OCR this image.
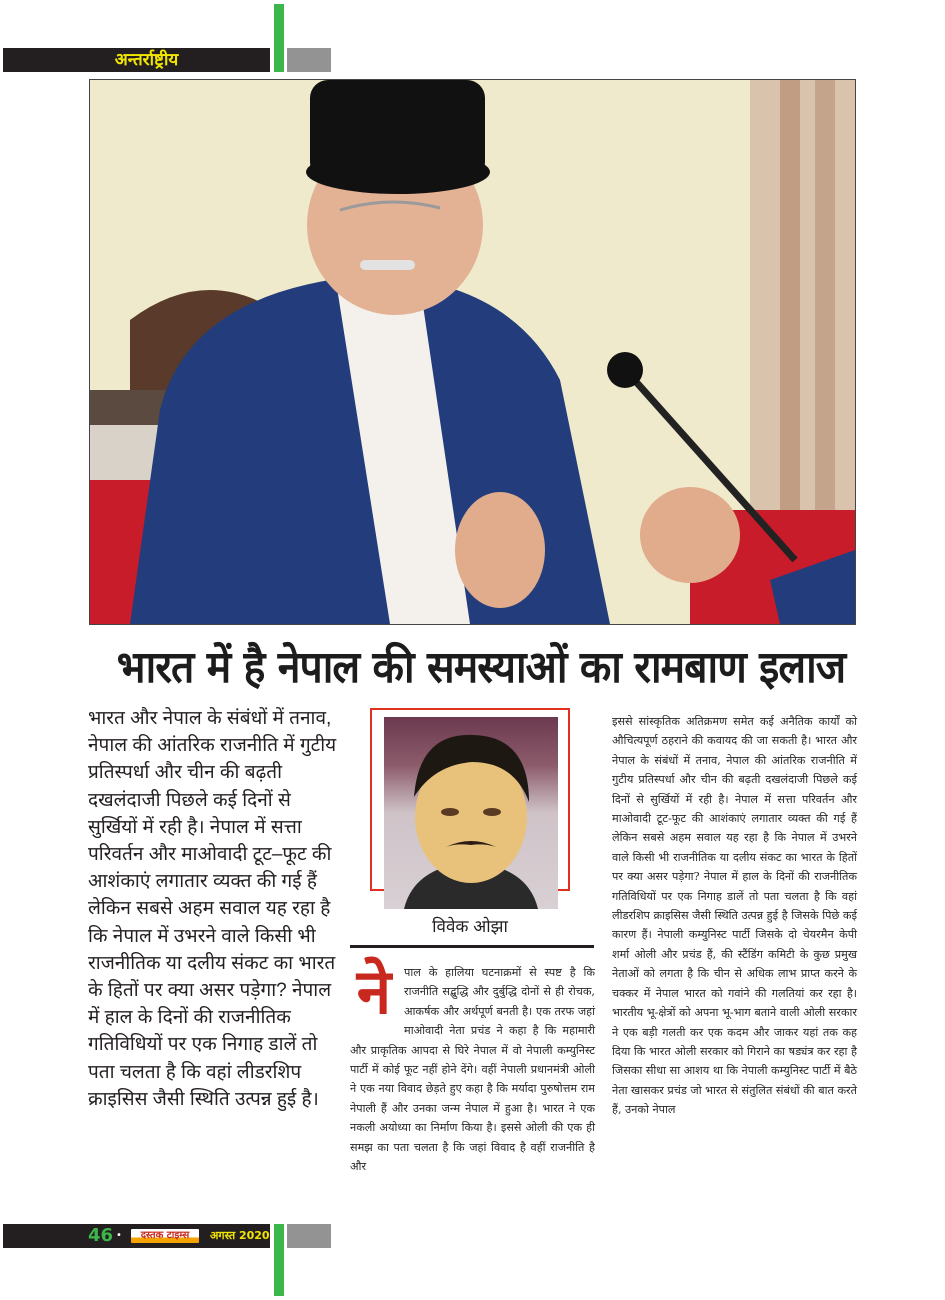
अन्तर्राष्ट्रीय
भारत में है नेपाल की समस्याओं का रामबाण इलाज
भारत और नेपाल के संबंधों में तनाव, नेपाल की आंतरिक राजनीति में गुटीय प्रतिस्पर्धा और चीन की बढ़ती दखलंदाजी पिछले कई दिनों से सुर्खियों में रही है। नेपाल में सत्ता परिवर्तन और माओवादी टूट–फूट की आशंकाएं लगातार व्यक्त की गई हैं लेकिन सबसे अहम सवाल यह रहा है कि नेपाल में उभरने वाले किसी भी राजनीतिक या दलीय संकट का भारत के हितों पर क्या असर पड़ेगा? नेपाल में हाल के दिनों की राजनीतिक गतिविधियों पर एक निगाह डालें तो पता चलता है कि वहां लीडरशिप क्राइसिस जैसी स्थिति उत्पन्न हुई है।
विवेक ओझा
ने	पाल के हालिया घटनाक्रमों से स्पष्ट है कि राजनीति सद्बुद्धि और दुर्बुद्धि दोनों से ही रोचक, आकर्षक और अर्थपूर्ण बनती है। एक तरफ जहां माओवादी नेता प्रचंड ने कहा है कि महामारी और प्राकृतिक आपदा से घिरे नेपाल में वो नेपाली कम्युनिस्ट पार्टी में कोई फूट नहीं होने देंगे। वहीं नेपाली प्रधानमंत्री ओली ने एक नया विवाद छेड़ते हुए कहा है कि मर्यादा पुरुषोत्तम राम नेपाली हैं और उनका जन्म नेपाल में हुआ है। भारत ने एक नकली अयोध्या का निर्माण किया है। इससे ओली की एक ही समझ का पता चलता है कि जहां विवाद है वहीं राजनीति है और
इससे सांस्कृतिक अतिक्रमण समेत कई अनैतिक कार्यों को औचित्यपूर्ण ठहराने की कवायद की जा सकती है। भारत और नेपाल के संबंधों में तनाव, नेपाल की आंतरिक राजनीति में गुटीय प्रतिस्पर्धा और चीन की बढ़ती दखलंदाजी पिछले कई दिनों से सुर्खियों में रही है। नेपाल में सत्ता परिवर्तन और माओवादी टूट-फूट की आशंकाएं लगातार व्यक्त की गई हैं लेकिन सबसे अहम सवाल यह रहा है कि नेपाल में उभरने वाले किसी भी राजनीतिक या दलीय संकट का भारत के हितों पर क्या असर पड़ेगा? नेपाल में हाल के दिनों की राजनीतिक गतिविधियों पर एक निगाह डालें तो पता चलता है कि वहां लीडरशिप क्राइसिस जैसी स्थिति उत्पन्न हुई है जिसके पिछे कई कारण हैं। नेपाली कम्युनिस्ट पार्टी जिसके दो चेयरमैन केपी शर्मा ओली और प्रचंड हैं, की स्टैंडिंग कमिटी के कुछ प्रमुख नेताओं को लगता है कि चीन से अधिक लाभ प्राप्त करने के चक्कर में नेपाल भारत को गवांने की गलतियां कर रहा है। भारतीय भू-क्षेत्रों को अपना भू-भाग बताने वाली ओली सरकार ने एक बड़ी गलती कर एक कदम और जाकर यहां तक कह दिया कि भारत ओली सरकार को गिराने का षड्यंत्र कर रहा है जिसका सीधा सा आशय था कि नेपाली कम्युनिस्ट पार्टी में बैठे नेता खासकर प्रचंड जो भारत से संतुलित संबंधों की बात करते हैं, उनको नेपाल
46 •	दस्तक टाइम्स	अगस्त 2020
